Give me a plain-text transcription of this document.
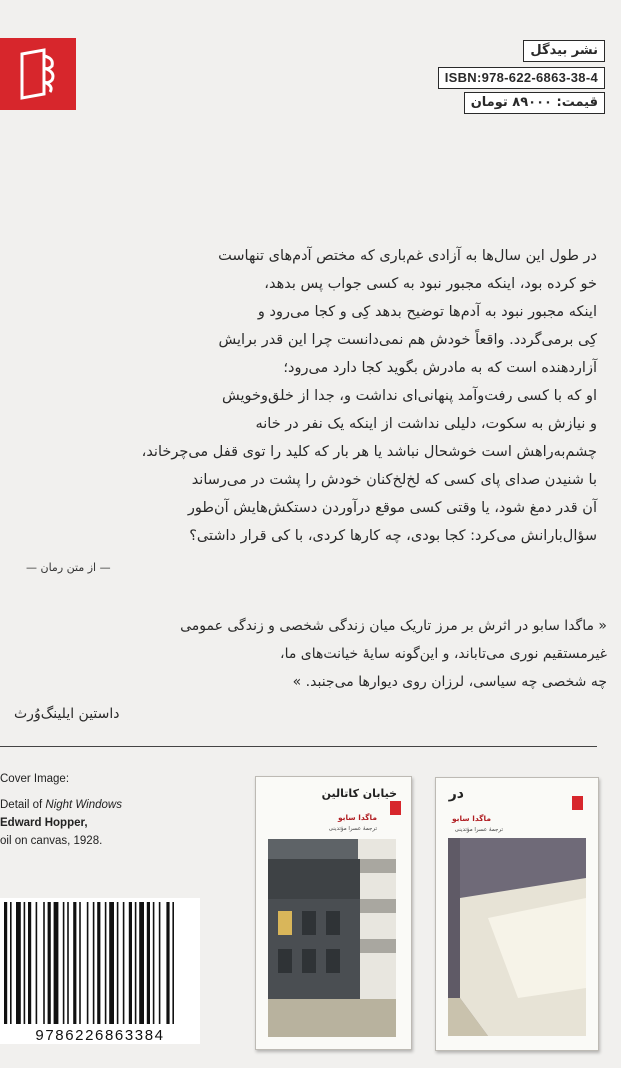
نشر بیدگل
ISBN:978-622-6863-38-4
قیمت: ۸۹۰۰۰ تومان
در طول این سال‌ها به آزادی غم‌باری که مختص آدم‌های تنهاست
خو کرده بود، اینکه مجبور نبود به کسی جواب پس بدهد،
اینکه مجبور نبود به آدم‌ها توضیح بدهد کِی و کجا می‌رود و
کِی برمی‌گردد. واقعاً خودش هم نمی‌دانست چرا این قدر برایش
آزاردهنده است که به مادرش بگوید کجا دارد می‌رود؛
او که با کسی رفت‌وآمد پنهانی‌ای نداشت و، جدا از خلق‌وخویش
و نیازش به سکوت، دلیلی نداشت از اینکه یک نفر در خانه
چشم‌به‌راهش است خوشحال نباشد یا هر بار که کلید را توی قفل می‌چرخاند،
با شنیدن صدای پای کسی که لخ‌لخ‌کنان خودش را پشت در می‌رساند
آن قدر دمغ شود، یا وقتی کسی موقع درآوردن دستکش‌هایش آن‌طور
سؤال‌بارانش می‌کرد: کجا بودی، چه کارها کردی، با کی قرار داشتی؟
— از متن رمان —
« ماگدا سابو در اثرش بر مرز تاریک میان زندگی شخصی و زندگی عمومی
غیرمستقیم نوری می‌تاباند، و این‌گونه سایهٔ خیانت‌های ما،
چه شخصی چه سیاسی، لرزان روی دیوارها می‌جنبد. »
داستین ایلینگ‌وُرث
Cover Image:
Detail of Night Windows
Edward Hopper,
oil on canvas, 1928.
خیابان کاتالین
ماگدا سابو
ترجمهٔ عسرا مؤتدینی
در
ماگدا سابو
ترجمهٔ عسرا مؤتدینی
9786226863384
